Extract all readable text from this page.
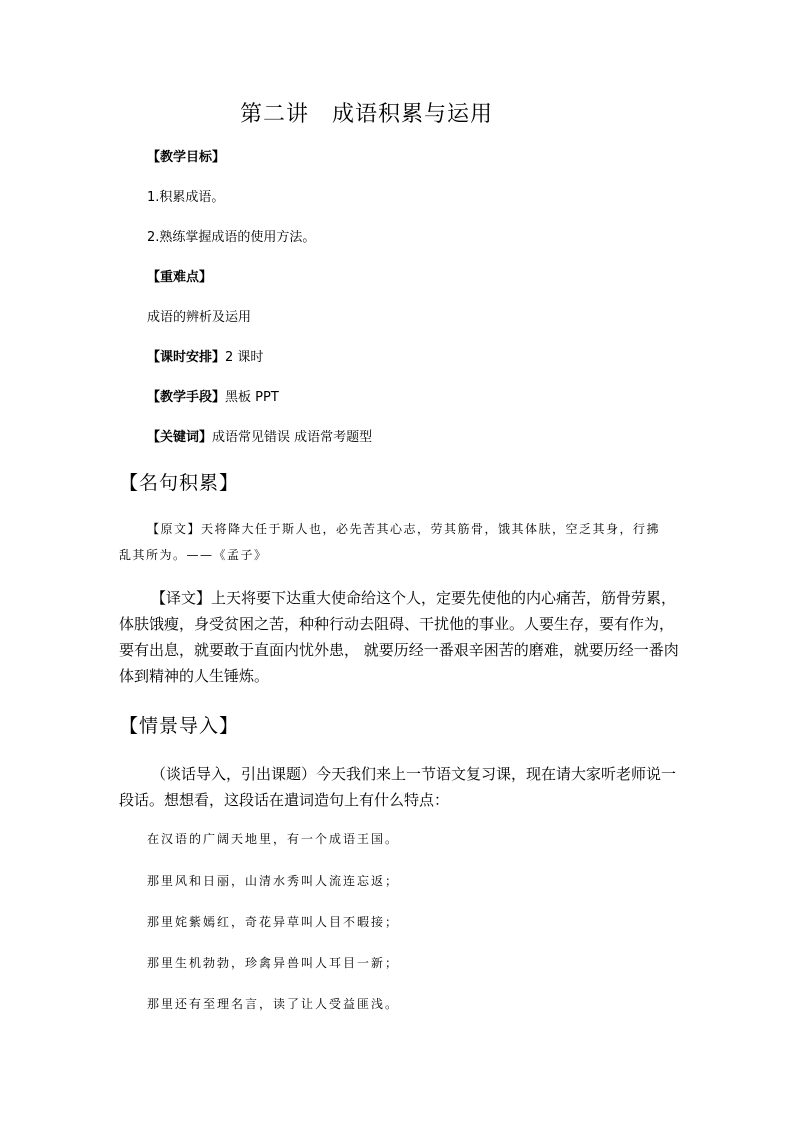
第二讲　成语积累与运用
【教学目标】
1.积累成语。
2.熟练掌握成语的使用方法。
【重难点】
成语的辨析及运用
【课时安排】2 课时
【教学手段】黑板 PPT
【关键词】成语常见错误 成语常考题型
【名句积累】
【原文】天将降大任于斯人也，必先苦其心志，劳其筋骨，饿其体肤，空乏其身，行拂
乱其所为。——《孟子》
【译文】上天将要下达重大使命给这个人，定要先使他的内心痛苦，筋骨劳累，体肤饿瘦，身受贫困之苦，种种行动去阻碍、干扰他的事业。人要生存，要有作为，要有出息，就要敢于直面内忧外患， 就要历经一番艰辛困苦的磨难，就要历经一番肉体到精神的人生锤炼。
【情景导入】
（谈话导入，引出课题）今天我们来上一节语文复习课，现在请大家听老师说一段话。想想看，这段话在遣词造句上有什么特点：
在汉语的广阔天地里，有一个成语王国。
那里风和日丽，山清水秀叫人流连忘返；
那里姹紫嫣红，奇花异草叫人目不暇接；
那里生机勃勃，珍禽异兽叫人耳目一新；
那里还有至理名言，读了让人受益匪浅。
